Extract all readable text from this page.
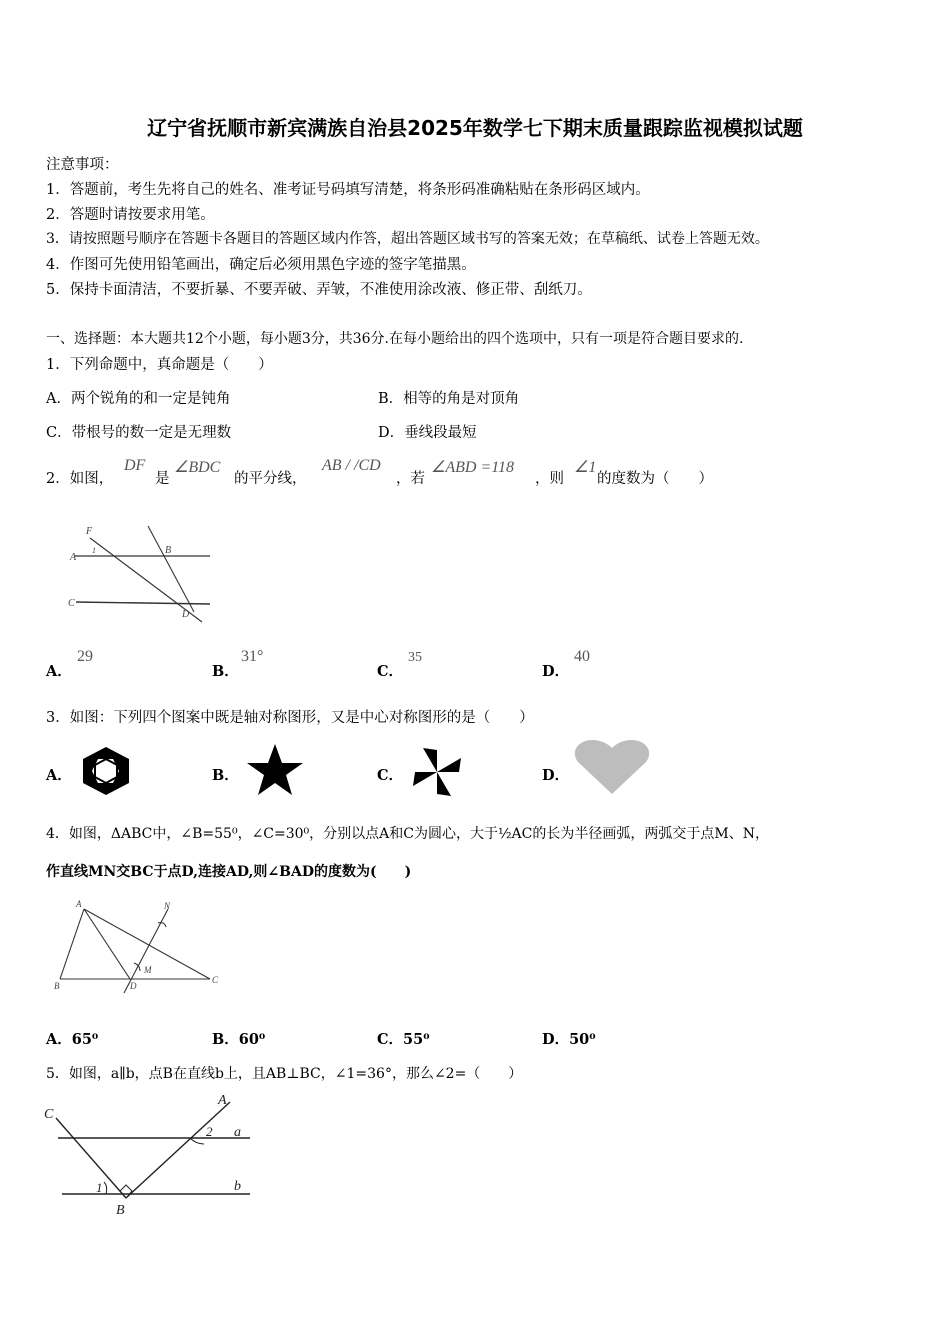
辽宁省抚顺市新宾满族自治县2025年数学七下期末质量跟踪监视模拟试题
注意事项：
1．答题前，考生先将自己的姓名、准考证号码填写清楚，将条形码准确粘贴在条形码区域内。
2．答题时请按要求用笔。
3．请按照题号顺序在答题卡各题目的答题区域内作答，超出答题区域书写的答案无效；在草稿纸、试卷上答题无效。
4．作图可先使用铅笔画出，确定后必须用黑色字迹的签字笔描黑。
5．保持卡面清洁，不要折暴、不要弄破、弄皱，不准使用涂改液、修正带、刮纸刀。
一、选择题：本大题共12个小题，每小题3分，共36分.在每小题给出的四个选项中，只有一项是符合题目要求的.
1．下列命题中，真命题是（　　）
A．两个锐角的和一定是钝角	B．相等的角是对顶角
C．带根号的数一定是无理数	D．垂线段最短
2．如图，
DF
是
∠BDC
的平分线，
AB / /CD
，若
∠ABD =118
，则
∠1
的度数为（　　）
F
A
1	B
C
D
A．
29
B．
31°
C．
35
D．
40
3．如图：下列四个图案中既是轴对称图形，又是中心对称图形的是（　　）
A．	B．	C．	D．
4．如图，ΔABC中，∠B=55⁰，∠C=30⁰，分别以点A和C为圆心，大于½AC的长为半径画弧，两弧交于点M、N，
作直线MN交BC于点D,连接AD,则∠BAD的度数为(　　)
A
B
C
D
M
N
A．65⁰	B．60⁰	C．55⁰	D．50⁰
5．如图，a∥b，点B在直线b上，且AB⊥BC，∠1=36°，那么∠2=（　　）
C
A
2 a
1	b
B
